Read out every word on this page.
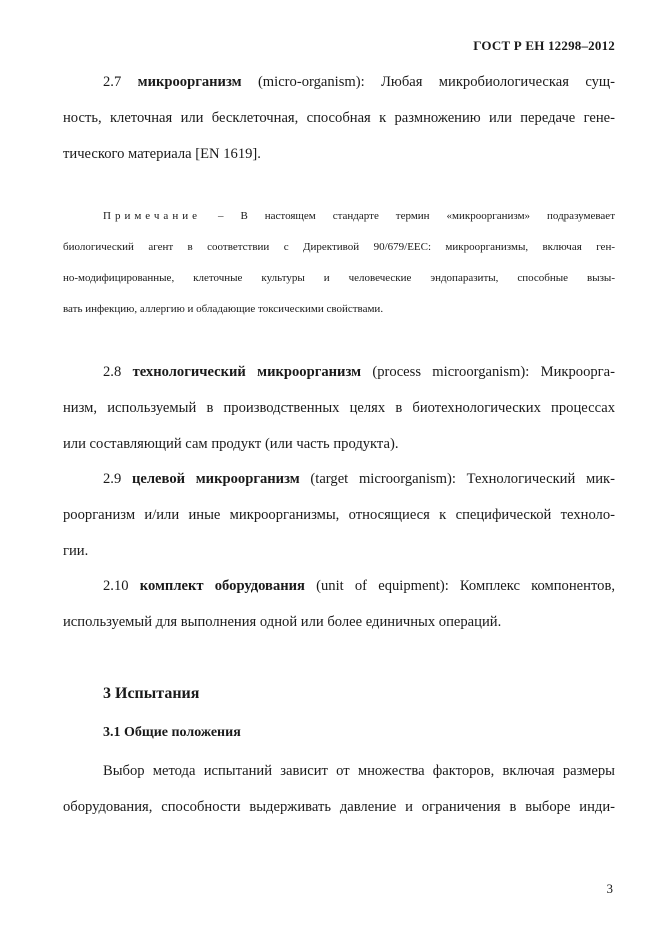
ГОСТ Р ЕН 12298–2012
2.7 микроорганизм (micro-organism): Любая микробиологическая сущ-
ность, клеточная или бесклеточная, способная к размножению или передаче гене-
тического материала [EN 1619].
Примечание – В настоящем стандарте термин «микроорганизм» подразумевает
биологический агент в соответствии с Директивой 90/679/ЕЕС: микроорганизмы, включая ген-
но-модифицированные, клеточные культуры и человеческие эндопаразиты, способные вызы-
вать инфекцию, аллергию и обладающие токсическими свойствами.
2.8 технологический микроорганизм (process microorganism): Микроорга-
низм, используемый в производственных целях в биотехнологических процессах
или составляющий сам продукт (или часть продукта).
2.9 целевой микроорганизм (target microorganism): Технологический мик-
роорганизм и/или иные микроорганизмы, относящиеся к специфической техноло-
гии.
2.10 комплект оборудования (unit of equipment): Комплекс компонентов,
используемый для выполнения одной или более единичных операций.
3 Испытания
3.1 Общие положения
Выбор метода испытаний зависит от множества факторов, включая размеры
оборудования, способности выдерживать давление и ограничения в выборе инди-
3
